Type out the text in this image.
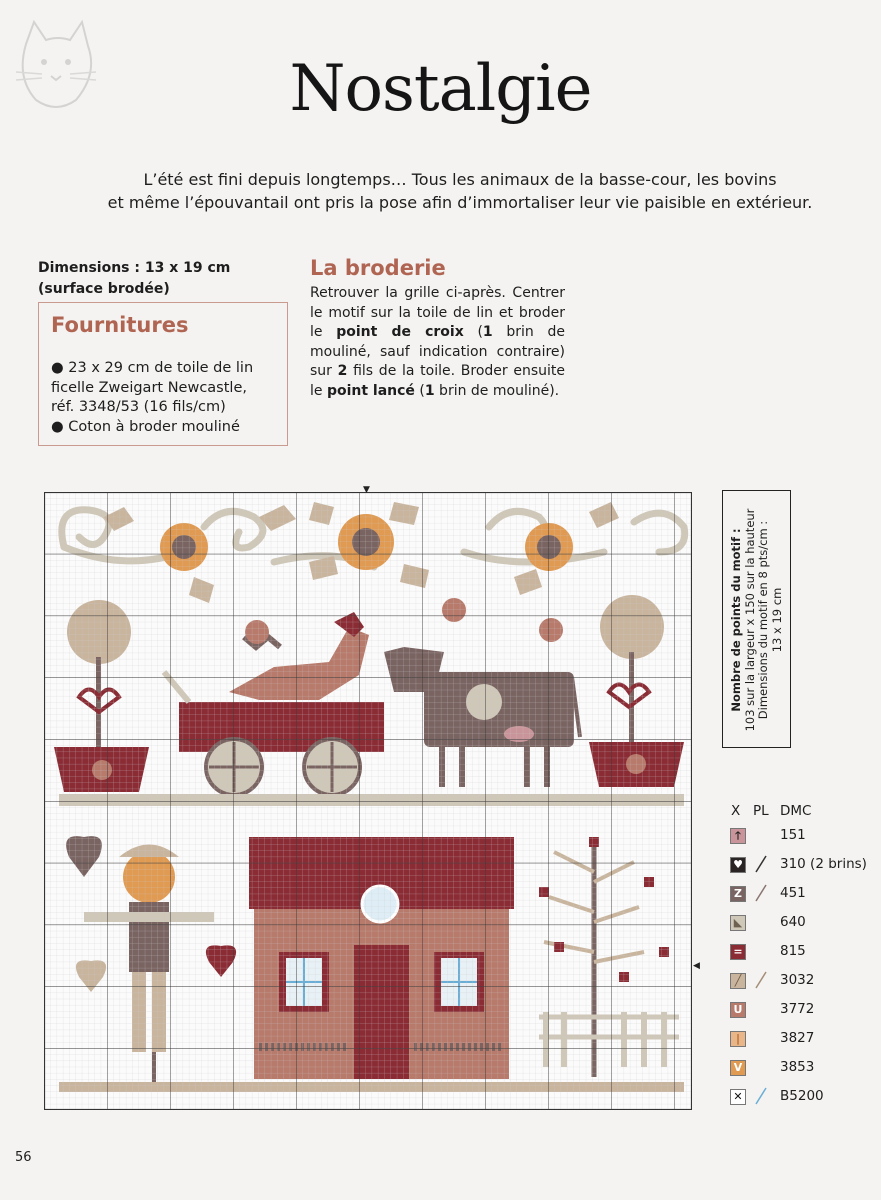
Nostalgie
L’été est fini depuis longtemps… Tous les animaux de la basse-cour, les bovins
et même l’épouvantail ont pris la pose afin d’immortaliser leur vie paisible en extérieur.
Dimensions : 13 x 19 cm
(surface brodée)
Fournitures
● 23 x 29 cm de toile de lin
ficelle Zweigart Newcastle,
réf. 3348/53 (16 fils/cm)
● Coton à broder mouliné
La broderie
Retrouver la grille ci-après. Centrer le motif sur la toile de lin et broder le point de croix (1 brin de mouliné, sauf indication contraire) sur 2 fils de la toile. Broder ensuite le point lancé (1 brin de mouliné).
▼
◀
Nombre de points du motif : 103 sur la largeur x 150 sur la hauteur Dimensions du motif en 8 pts/cm : 13 x 19 cm
X PL DMC
🡑	151
♥	310 (2 brins)
Z	451
◣	640
=	815
╱	3032
U	3772
|	3827
V	3853
✕	B5200
56
